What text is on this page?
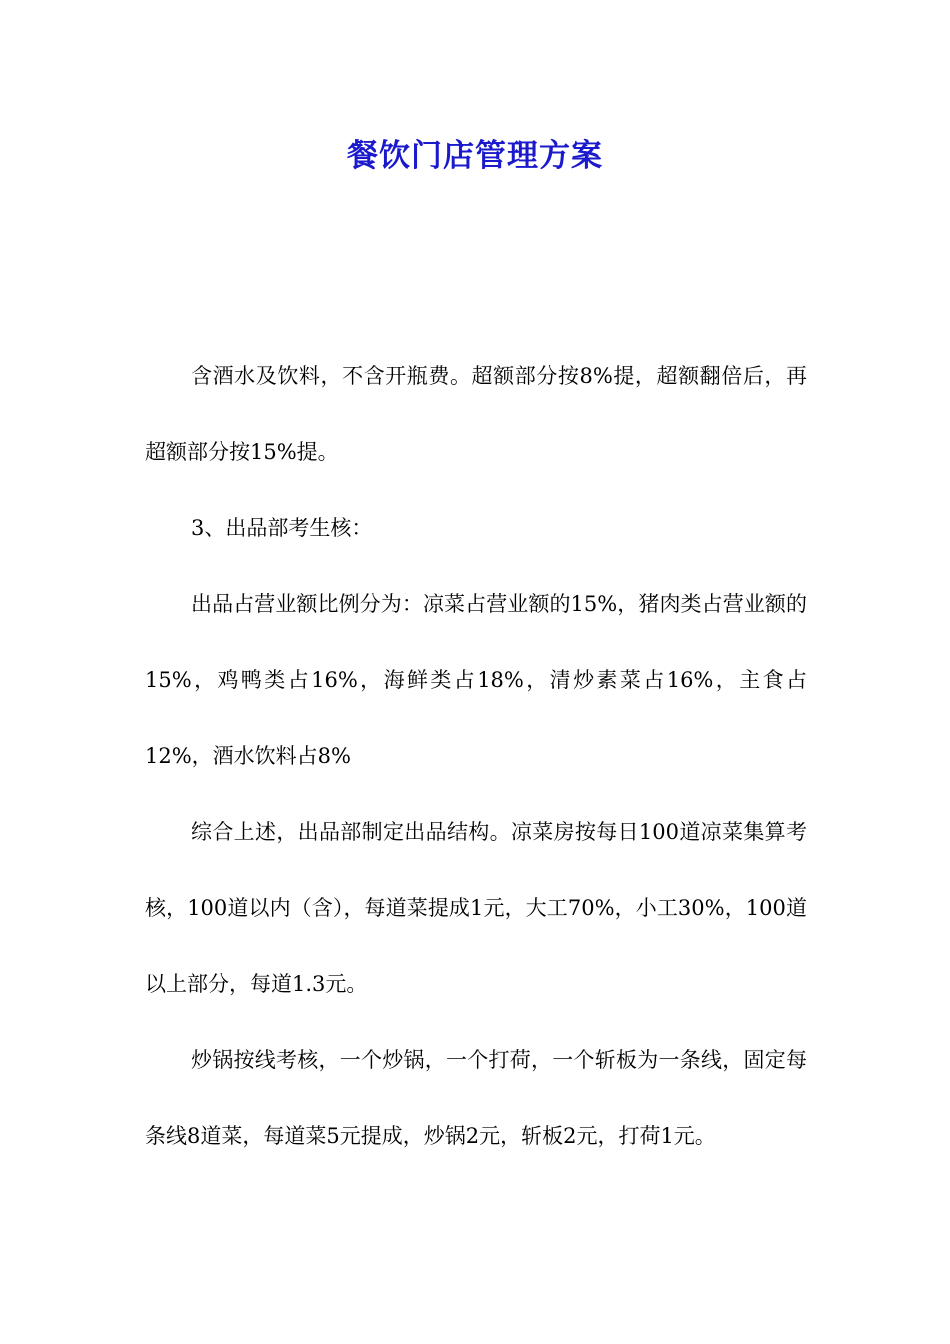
餐饮门店管理方案

含酒水及饮料，不含开瓶费。超额部分按8%提，超额翻倍后，再超额部分按15%提。

3、出品部考生核：

出品占营业额比例分为：凉菜占营业额的15%，猪肉类占营业额的15%，鸡鸭类占16%，海鲜类占18%，清炒素菜占16%，主食占12%，酒水饮料占8%

综合上述，出品部制定出品结构。凉菜房按每日100道凉菜集算考核，100道以内（含），每道菜提成1元，大工70%，小工30%，100道以上部分，每道1.3元。

炒锅按线考核，一个炒锅，一个打荷，一个斩板为一条线，固定每条线8道菜，每道菜5元提成，炒锅2元，斩板2元，打荷1元。
